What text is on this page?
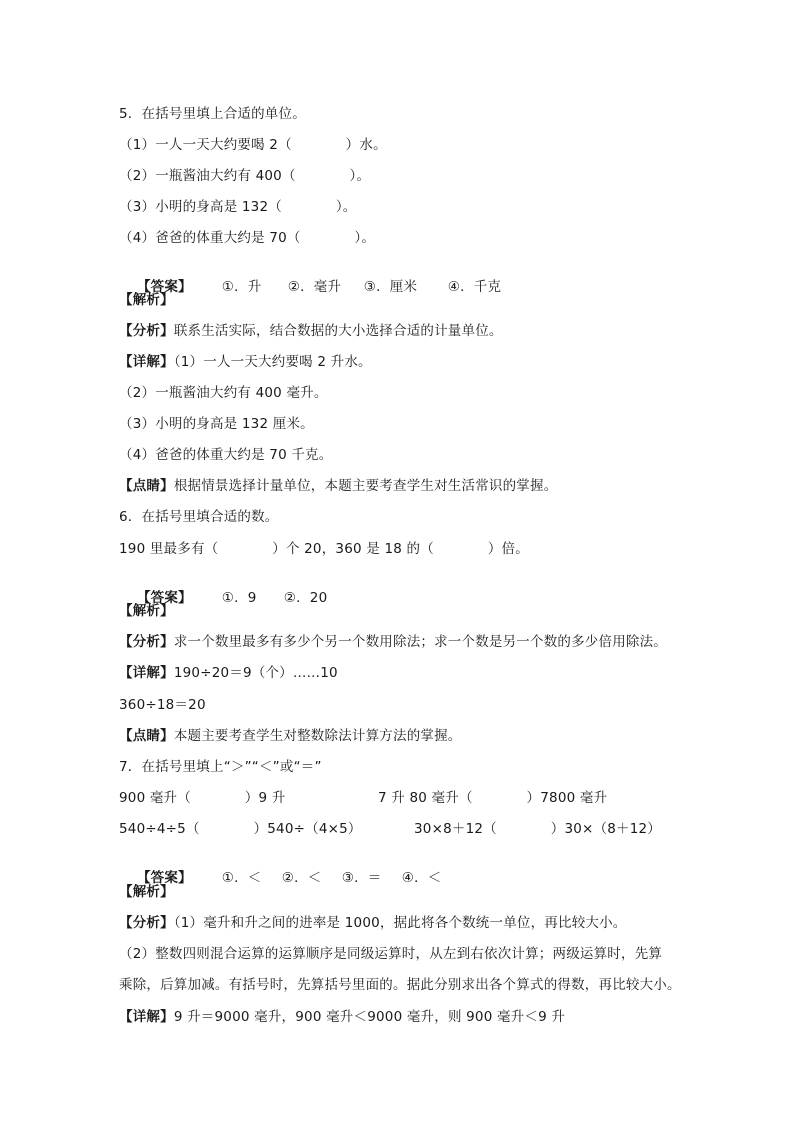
5．在括号里填上合适的单位。
（1）一人一天大约要喝 2（            ）水。
（2）一瓶酱油大约有 400（            ）。
（3）小明的身高是 132（            ）。
（4）爸爸的体重大约是 70（            ）。

【答案】 ①．升 ②．毫升 ③．厘米 ④．千克

【解析】
【分析】联系生活实际，结合数据的大小选择合适的计量单位。
【详解】（1）一人一天大约要喝 2 升水。
（2）一瓶酱油大约有 400 毫升。
（3）小明的身高是 132 厘米。
（4）爸爸的体重大约是 70 千克。
【点睛】根据情景选择计量单位，本题主要考查学生对生活常识的掌握。
6．在括号里填合适的数。
190 里最多有（            ）个 20，360 是 18 的（            ）倍。

【答案】 ①．9 ②．20

【解析】
【分析】求一个数里最多有多少个另一个数用除法；求一个数是另一个数的多少倍用除法。
【详解】190÷20＝9（个）……10
360÷18＝20
【点睛】本题主要考查学生对整数除法计算方法的掌握。
7．在括号里填上“＞”“＜”或“＝”
900 毫升（            ）9 升	7 升 80 毫升（            ）7800 毫升
540÷4÷5（            ）540÷（4×5）	30×8＋12（            ）30×（8＋12）

【答案】 ①．＜ ②．＜ ③．＝ ④．＜

【解析】
【分析】（1）毫升和升之间的进率是 1000，据此将各个数统一单位，再比较大小。
（2）整数四则混合运算的运算顺序是同级运算时，从左到右依次计算；两级运算时，先算
乘除，后算加减。有括号时，先算括号里面的。据此分别求出各个算式的得数，再比较大小。
【详解】9 升＝9000 毫升，900 毫升＜9000 毫升，则 900 毫升＜9 升
